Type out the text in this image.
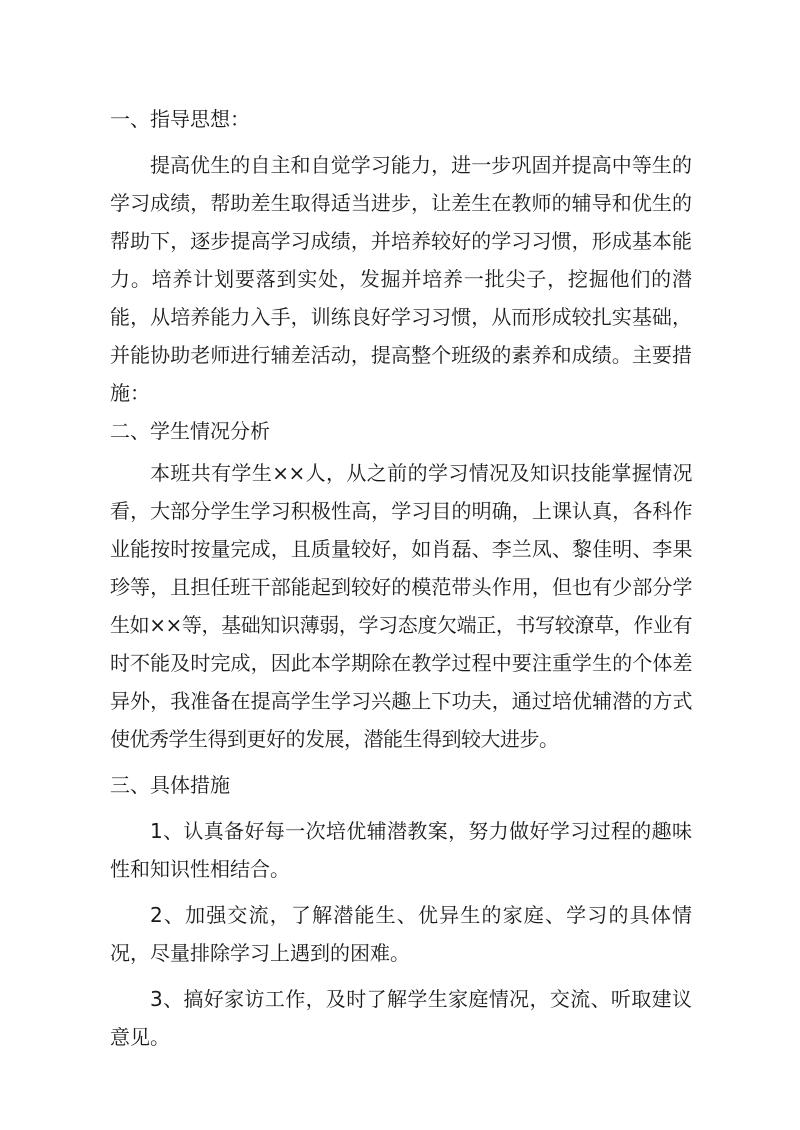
一、指导思想：

提高优生的自主和自觉学习能力，进一步巩固并提高中等生的学习成绩，帮助差生取得适当进步，让差生在教师的辅导和优生的帮助下，逐步提高学习成绩，并培养较好的学习习惯，形成基本能力。培养计划要落到实处，发掘并培养一批尖子，挖掘他们的潜能，从培养能力入手，训练良好学习习惯，从而形成较扎实基础，并能协助老师进行辅差活动，提高整个班级的素养和成绩。主要措施：

二、学生情况分析

本班共有学生××人，从之前的学习情况及知识技能掌握情况看，大部分学生学习积极性高，学习目的明确，上课认真，各科作业能按时按量完成，且质量较好，如肖磊、李兰凤、黎佳明、李果珍等，且担任班干部能起到较好的模范带头作用，但也有少部分学生如××等，基础知识薄弱，学习态度欠端正，书写较潦草，作业有时不能及时完成，因此本学期除在教学过程中要注重学生的个体差异外，我准备在提高学生学习兴趣上下功夫，通过培优辅潜的方式使优秀学生得到更好的发展，潜能生得到较大进步。

三、具体措施

1、认真备好每一次培优辅潜教案，努力做好学习过程的趣味性和知识性相结合。

2、加强交流，了解潜能生、优异生的家庭、学习的具体情况，尽量排除学习上遇到的困难。

3、搞好家访工作，及时了解学生家庭情况，交流、听取建议意见。
